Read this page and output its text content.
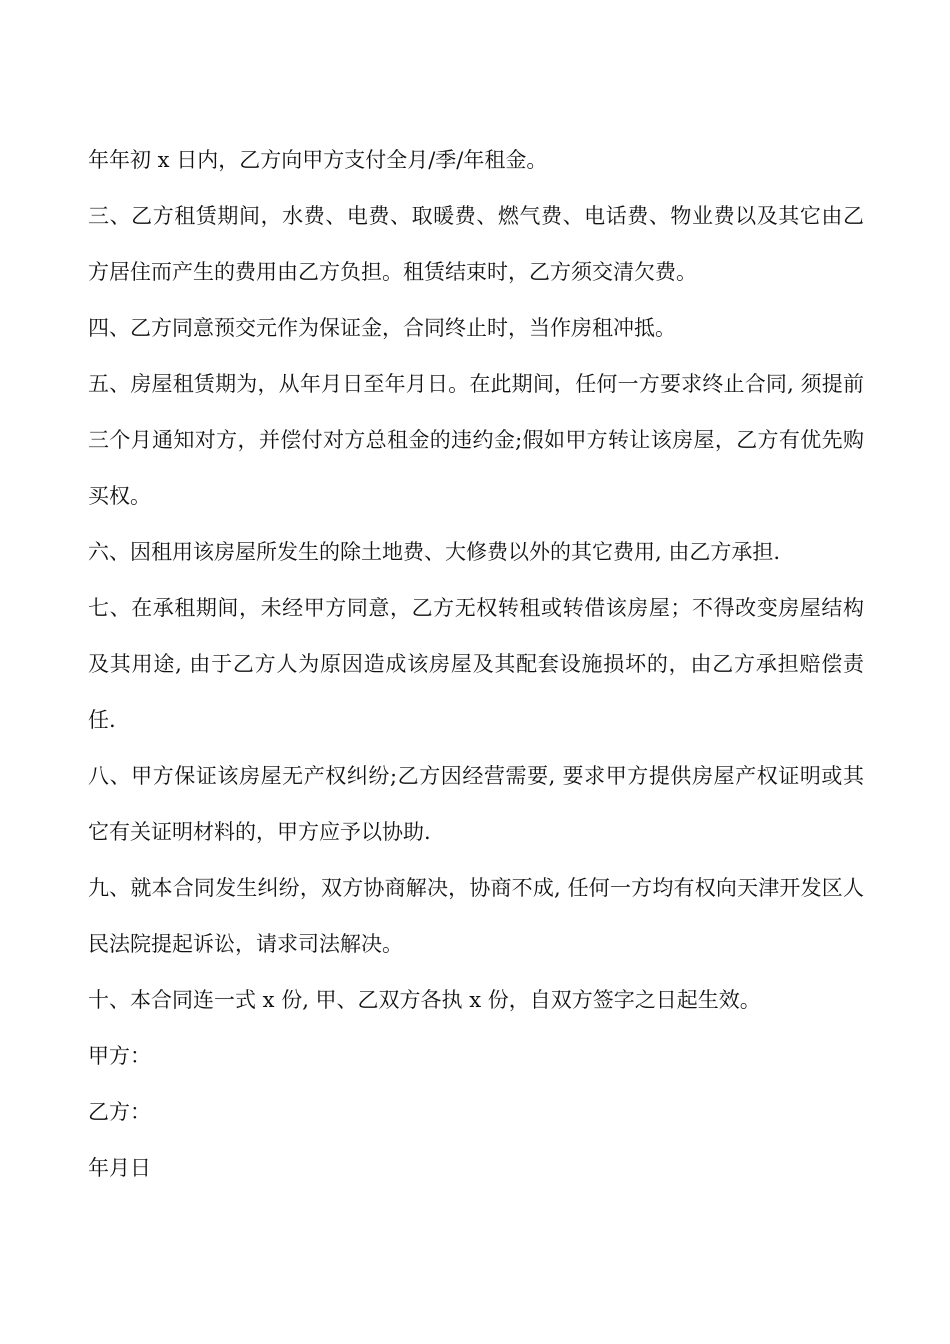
年年初 x 日内，乙方向甲方支付全月/季/年租金。

三、乙方租赁期间，水费、电费、取暖费、燃气费、电话费、物业费以及其它由乙方居住而产生的费用由乙方负担。租赁结束时，乙方须交清欠费。

四、乙方同意预交元作为保证金，合同终止时，当作房租冲抵。

五、房屋租赁期为，从年月日至年月日。在此期间，任何一方要求终止合同, 须提前三个月通知对方，并偿付对方总租金的违约金;假如甲方转让该房屋，乙方有优先购买权。

六、因租用该房屋所发生的除土地费、大修费以外的其它费用, 由乙方承担.

七、在承租期间，未经甲方同意，乙方无权转租或转借该房屋；不得改变房屋结构及其用途, 由于乙方人为原因造成该房屋及其配套设施损坏的，由乙方承担赔偿责任.

八、甲方保证该房屋无产权纠纷;乙方因经营需要, 要求甲方提供房屋产权证明或其它有关证明材料的，甲方应予以协助.

九、就本合同发生纠纷，双方协商解决，协商不成, 任何一方均有权向天津开发区人民法院提起诉讼，请求司法解决。

十、本合同连一式 x 份, 甲、乙双方各执 x 份，自双方签字之日起生效。

甲方：

乙方：

年月日
